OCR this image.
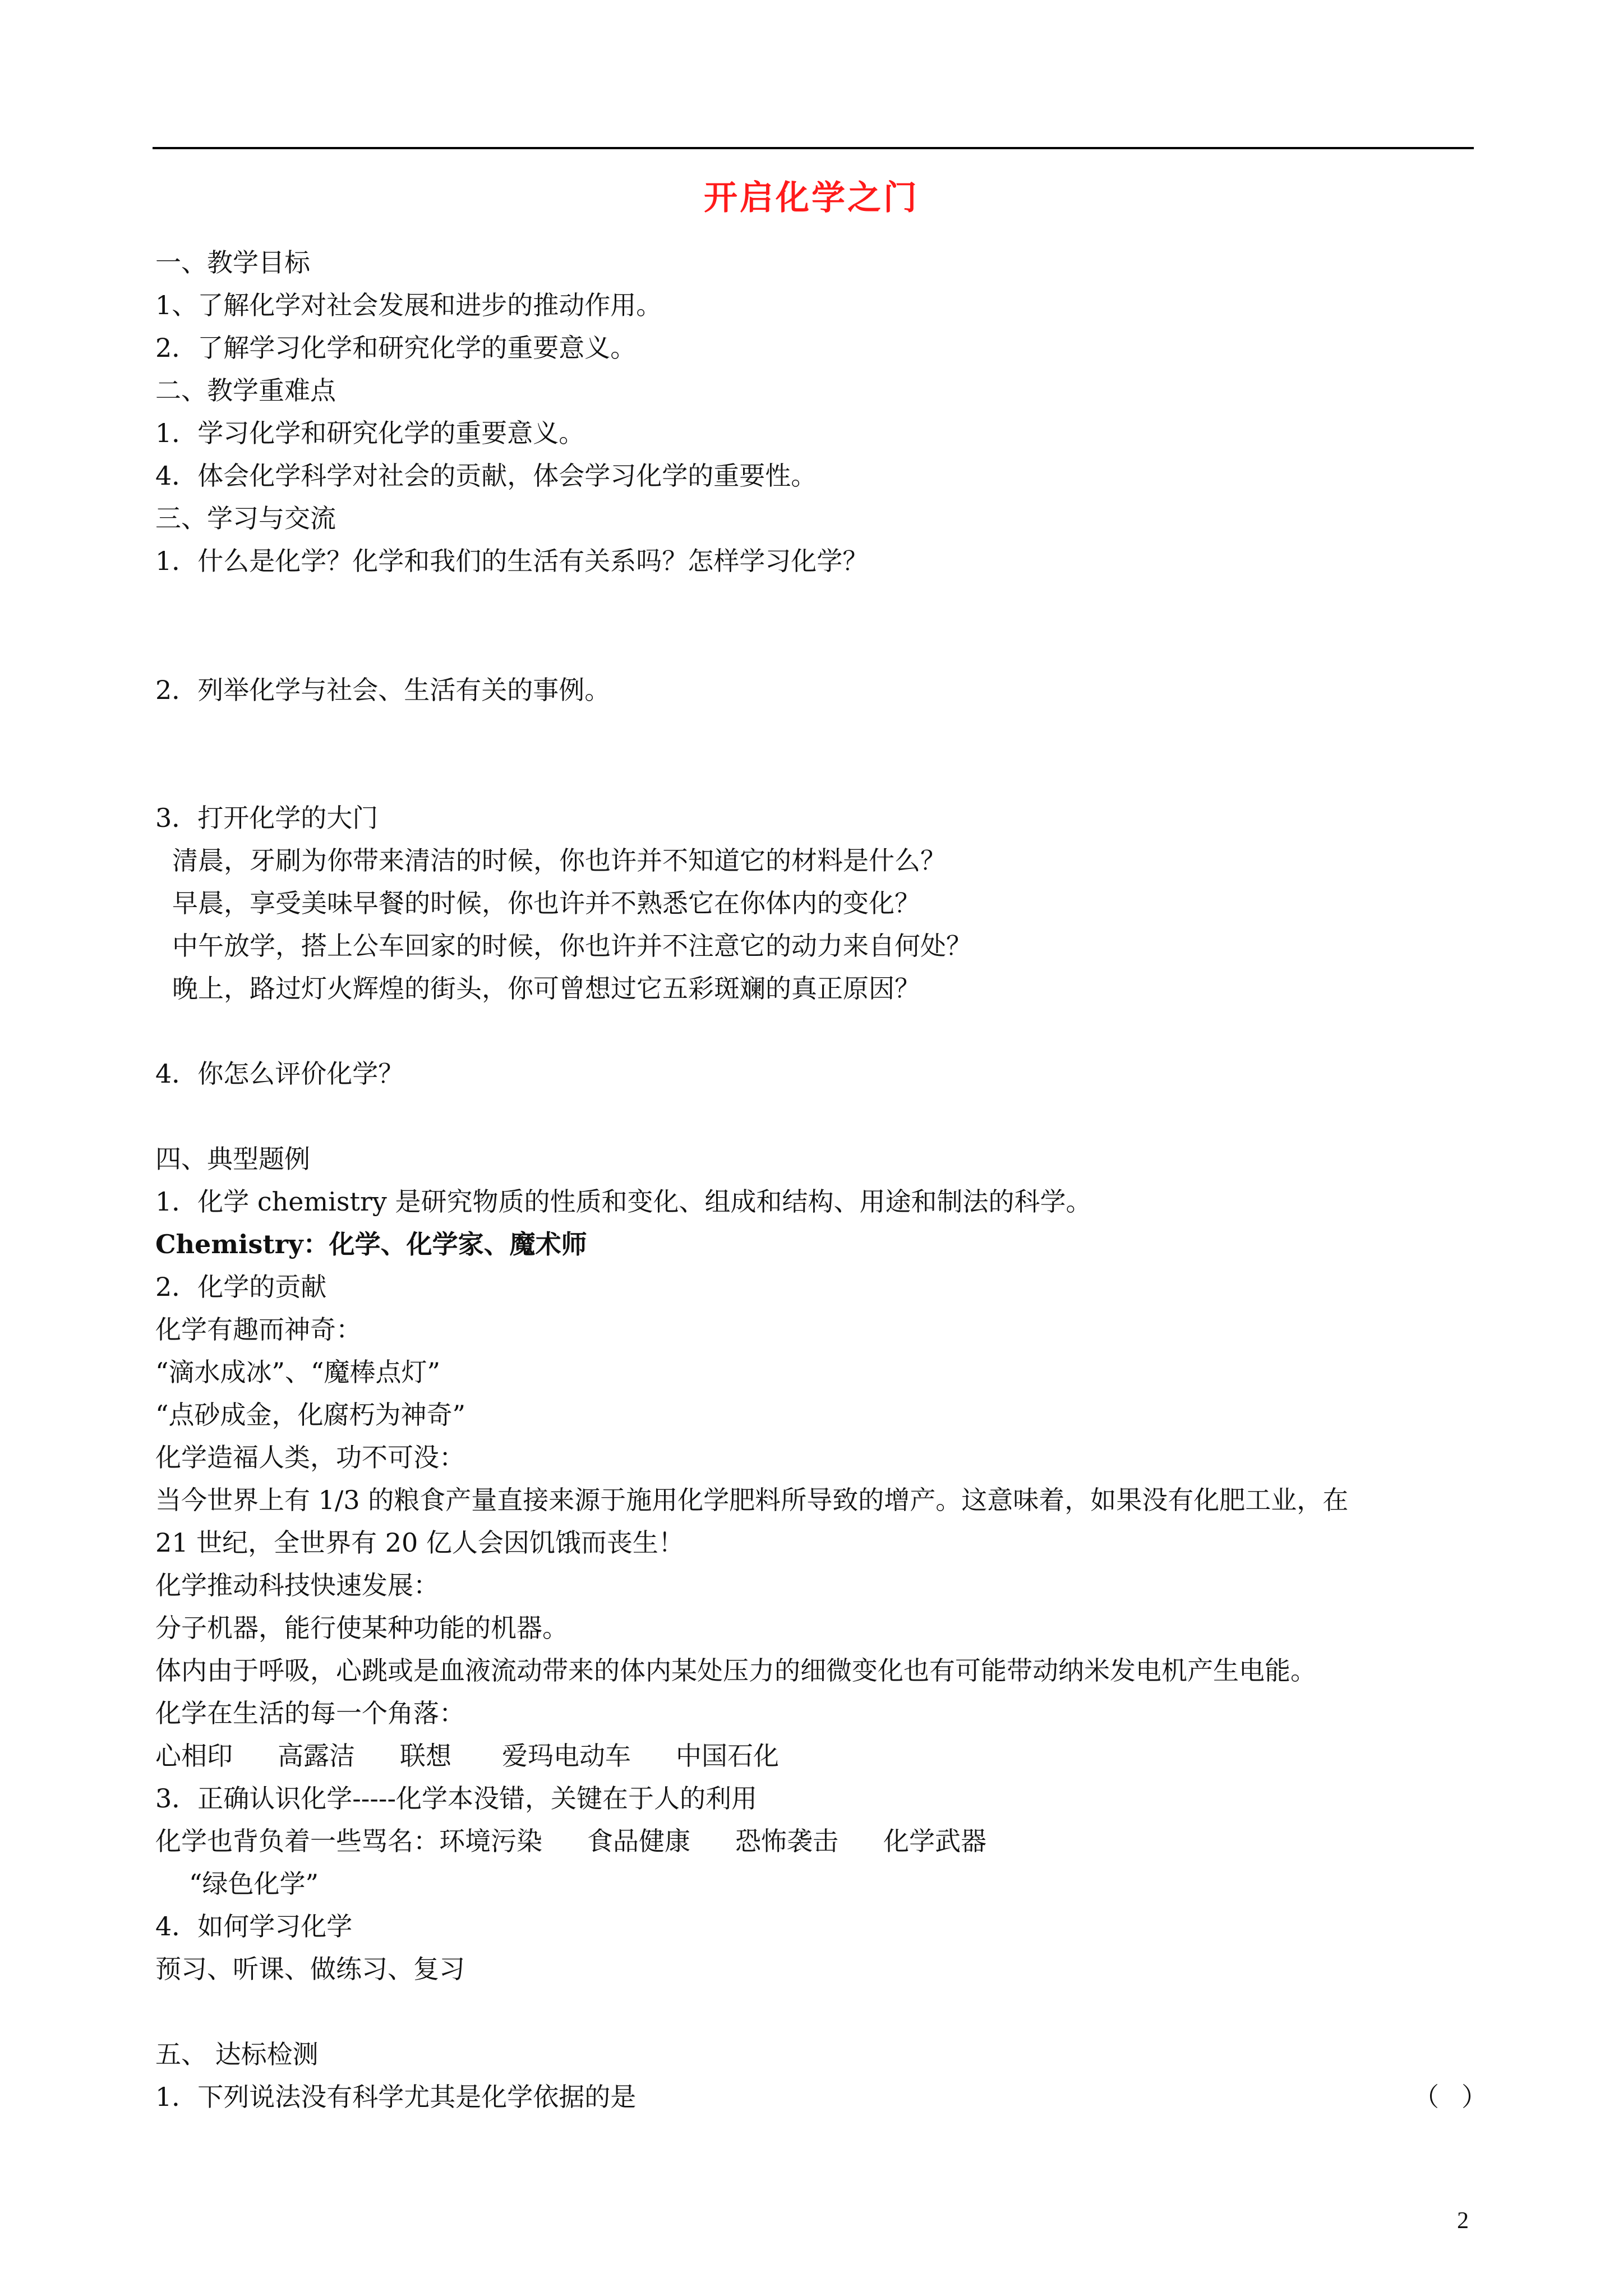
开启化学之门
一、教学目标
1、了解化学对社会发展和进步的推动作用。
2．了解学习化学和研究化学的重要意义。
二、教学重难点
1．学习化学和研究化学的重要意义。
4．体会化学科学对社会的贡献，体会学习化学的重要性。
三、学习与交流
1．什么是化学？化学和我们的生活有关系吗？怎样学习化学？
2．列举化学与社会、生活有关的事例。
3．打开化学的大门
清晨，牙刷为你带来清洁的时候，你也许并不知道它的材料是什么？
早晨，享受美味早餐的时候，你也许并不熟悉它在你体内的变化？
中午放学，搭上公车回家的时候，你也许并不注意它的动力来自何处？
晚上，路过灯火辉煌的街头，你可曾想过它五彩斑斓的真正原因？
4．你怎么评价化学？
四、典型题例
1．化学 chemistry 是研究物质的性质和变化、组成和结构、用途和制法的科学。
Chemistry：化学、化学家、魔术师
2．化学的贡献
化学有趣而神奇：
“滴水成冰”、“魔棒点灯”
“点砂成金，化腐朽为神奇”
化学造福人类，功不可没：
当今世界上有 1/3 的粮食产量直接来源于施用化学肥料所导致的增产。这意味着，如果没有化肥工业，在
21 世纪，全世界有 20 亿人会因饥饿而丧生！
化学推动科技快速发展：
分子机器，能行使某种功能的机器。
体内由于呼吸，心跳或是血液流动带来的体内某处压力的细微变化也有可能带动纳米发电机产生电能。
化学在生活的每一个角落：
心相印 高露洁 联想 爱玛电动车 中国石化
3．正确认识化学-----化学本没错，关键在于人的利用
化学也背负着一些骂名：环境污染 食品健康 恐怖袭击 化学武器
“绿色化学”
4．如何学习化学
预习、听课、做练习、复习
五、 达标检测
1．下列说法没有科学尤其是化学依据的是	（ ）
2
